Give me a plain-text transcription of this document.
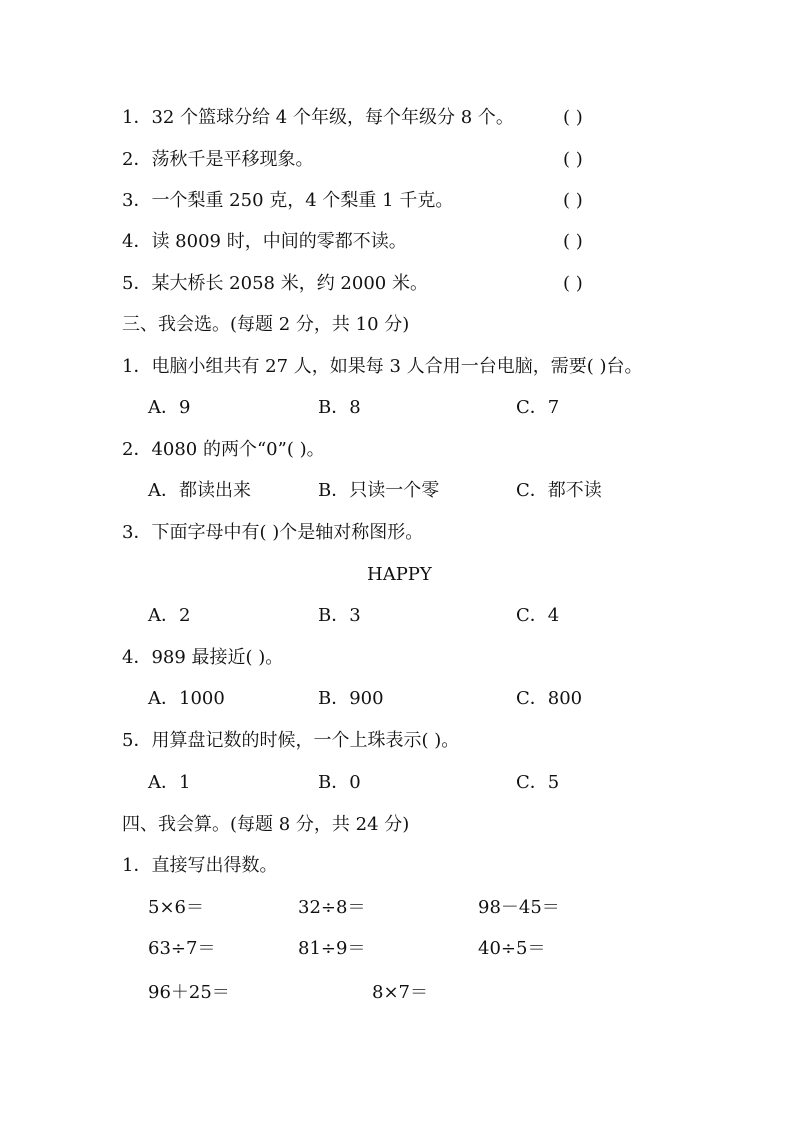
1．32 个篮球分给 4 个年级，每个年级分 8 个。	( )
2．荡秋千是平移现象。	( )
3．一个梨重 250 克，4 个梨重 1 千克。	( )
4．读 8009 时，中间的零都不读。	( )
5．某大桥长 2058 米，约 2000 米。	( )
三、我会选。(每题 2 分，共 10 分)
1．电脑小组共有 27 人，如果每 3 人合用一台电脑，需要( )台。
A．9	B．8	C．7
2．4080 的两个“0”( )。
A．都读出来	B．只读一个零	C．都不读
3．下面字母中有( )个是轴对称图形。
HAPPY
A．2	B．3	C．4
4．989 最接近( )。
A．1000	B．900	C．800
5．用算盘记数的时候，一个上珠表示( )。
A．1	B．0	C．5
四、我会算。(每题 8 分，共 24 分)
1．直接写出得数。
5×6＝	32÷8＝	98－45＝
63÷7＝	81÷9＝	40÷5＝
96＋25＝	8×7＝
